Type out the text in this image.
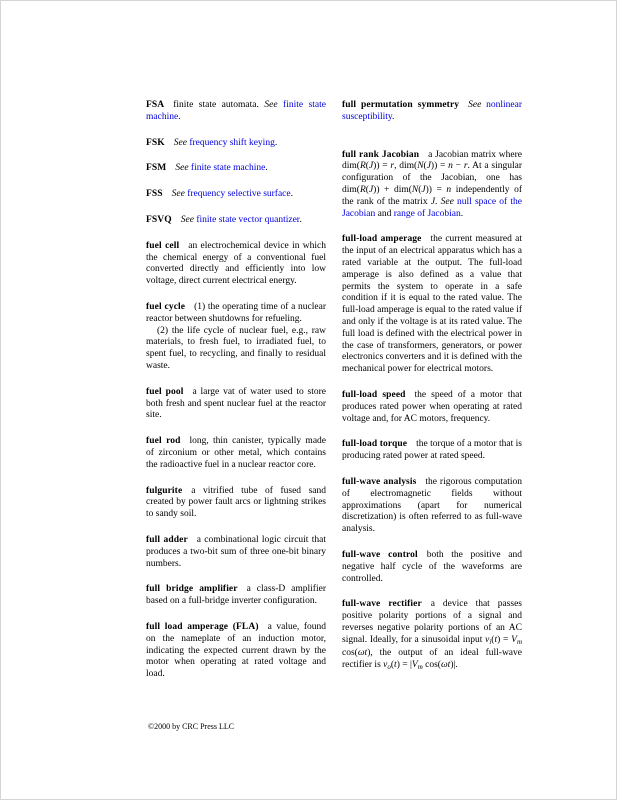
FSA finite state automata. See finite state machine.

FSK See frequency shift keying.

FSM See finite state machine.

FSS See frequency selective surface.

FSVQ See finite state vector quantizer.

fuel cell an electrochemical device in which the chemical energy of a conventional fuel converted directly and efficiently into low voltage, direct current electrical energy.

fuel cycle (1) the operating time of a nuclear reactor between shutdowns for refueling.

(2) the life cycle of nuclear fuel, e.g., raw materials, to fresh fuel, to irradiated fuel, to spent fuel, to recycling, and finally to residual waste.

fuel pool a large vat of water used to store both fresh and spent nuclear fuel at the reactor site.

fuel rod long, thin canister, typically made of zirconium or other metal, which contains the radioactive fuel in a nuclear reactor core.

fulgurite a vitrified tube of fused sand created by power fault arcs or lightning strikes to sandy soil.

full adder a combinational logic circuit that produces a two-bit sum of three one-bit binary numbers.

full bridge amplifier a class-D amplifier based on a full-bridge inverter configuration.

full load amperage (FLA) a value, found on the nameplate of an induction motor, indicating the expected current drawn by the motor when operating at rated voltage and load.

full permutation symmetry See nonlinear susceptibility.

full rank Jacobian a Jacobian matrix where dim(R(J)) = r, dim(N(J)) = n − r. At a singular configuration of the Jacobian, one has dim(R(J)) + dim(N(J)) = n independently of the rank of the matrix J. See null space of the Jacobian and range of Jacobian.

full-load amperage the current measured at the input of an electrical apparatus which has a rated variable at the output. The full-load amperage is also defined as a value that permits the system to operate in a safe condition if it is equal to the rated value. The full-load amperage is equal to the rated value if and only if the voltage is at its rated value. The full load is defined with the electrical power in the case of transformers, generators, or power electronics converters and it is defined with the mechanical power for electrical motors.

full-load speed the speed of a motor that produces rated power when operating at rated voltage and, for AC motors, frequency.

full-load torque the torque of a motor that is producing rated power at rated speed.

full-wave analysis the rigorous computation of electromagnetic fields without approximations (apart for numerical discretization) is often referred to as full-wave analysis.

full-wave control both the positive and negative half cycle of the waveforms are controlled.

full-wave rectifier a device that passes positive polarity portions of a signal and reverses negative polarity portions of an AC signal. Ideally, for a sinusoidal input $v_i(t) = V_m$ cos(ωt), the output of an ideal full-wave rectifier is $v_o(t) = |V_m$ cos(ωt)|.

©2000 by CRC Press LLC
